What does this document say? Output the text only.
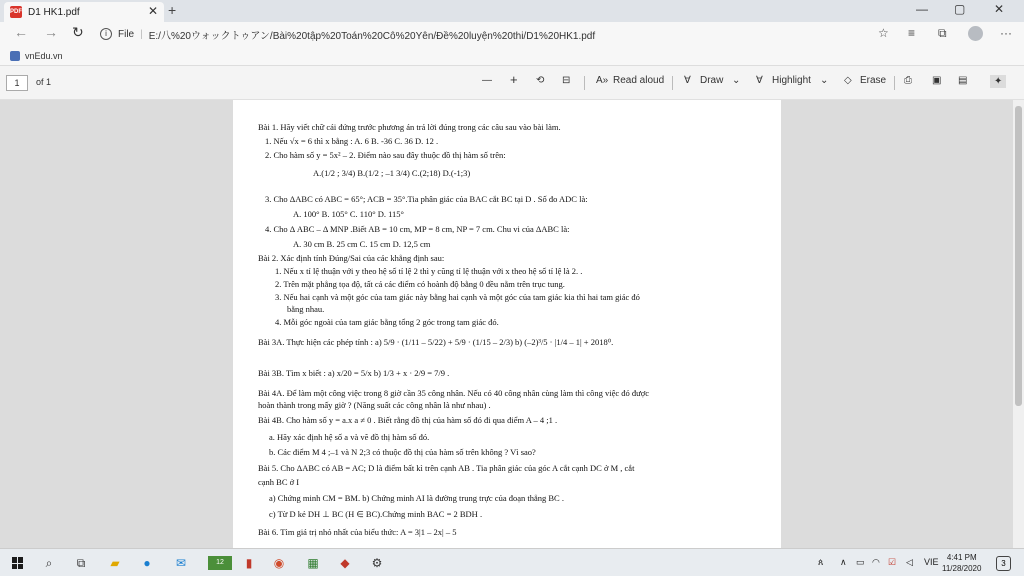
PDF D1 HK1.pdf	✕ +	— ▢ ✕
← → ↻	i	File | E:/八%20ウォックトゥアン/Bài%20tập%20Toán%20Cô%20Yên/Đề%20luyện%20thi/D1%20HK1.pdf	☆ ≡ ⧉	···
vnEdu.vn
1	of 1	— + ⟲ ⊟	A» Read aloud ∀ Draw ⌄ ∀ Highlight ⌄ ◇ Erase ⎙ ▣ ▤	✦
Bài 1. Hãy viết chữ cái đứng trước phương án trả lời đúng trong các câu sau vào bài làm.
1. Nếu √x = 6 thì x bằng : A. 6 B. -36 C. 36 D. 12 .
2. Cho hàm số y = 5x² – 2. Điểm nào sau đây thuộc đồ thị hàm số trên:
A.(1/2 ; 3/4) B.(1/2 ; –1 3/4) C.(2;18) D.(-1;3)
3. Cho ΔABC có ABC = 65°; ACB = 35°.Tia phân giác của BAC cắt BC tại D . Số đo ADC là:
A. 100° B. 105° C. 110° D. 115°
4. Cho Δ ABC – Δ MNP .Biết AB = 10 cm, MP = 8 cm, NP = 7 cm. Chu vi của ΔABC là:
A. 30 cm B. 25 cm C. 15 cm D. 12,5 cm
Bài 2. Xác định tính Đúng/Sai của các khẳng định sau:
1. Nếu x tỉ lệ thuận với y theo hệ số tỉ lệ 2 thì y cũng tỉ lệ thuận với x theo hệ số tỉ lệ là 2. .
2. Trên mặt phẳng tọa độ, tất cả các điểm có hoành độ bằng 0 đều nằm trên trục tung.
3. Nếu hai cạnh và một góc của tam giác này bằng hai cạnh và một góc của tam giác kia thì hai tam giác đó
bằng nhau.
4. Mỗi góc ngoài của tam giác bằng tổng 2 góc trong tam giác đó.
Bài 3A. Thực hiện các phép tính : a) 5/9 · (1/11 – 5/22) + 5/9 · (1/15 – 2/3) b) (–2)³/5 · |1/4 – 1| + 2018⁰.
Bài 3B. Tìm x biết : a) x/20 = 5/x b) 1/3 + x · 2/9 = 7/9 .
Bài 4A. Để làm một công việc trong 8 giờ cần 35 công nhân. Nếu có 40 công nhân cùng làm thì công việc đó được
hoàn thành trong mấy giờ ? (Năng suất các công nhân là như nhau) .
Bài 4B. Cho hàm số y = a.x a ≠ 0 . Biết rằng đồ thị của hàm số đó đi qua điểm A – 4 ;1 .
a. Hãy xác định hệ số a và vẽ đồ thị hàm số đó.
b. Các điểm M 4 ;–1 và N 2;3 có thuộc đồ thị của hàm số trên không ? Vì sao?
Bài 5. Cho ΔABC có AB = AC; D là điểm bất kì trên cạnh AB . Tia phân giác của góc A cắt cạnh DC ở M , cắt
cạnh BC ở I
a) Chứng minh CM = BM. b) Chứng minh AI là đường trung trực của đoạn thẳng BC .
c) Từ D kẻ DH ⊥ BC (H ∈ BC).Chứng minh BAC = 2 BDH .
Bài 6. Tìm giá trị nhỏ nhất của biểu thức: A = 3|1 – 2x| – 5
⌕	⧉ ▰ ● ✉	12	▮	◉ ▦ ◆ ⚙	ጰ ∧ ▭ ◠ ☑ ◁ VIE	4:41 PM
11/28/2020
3
